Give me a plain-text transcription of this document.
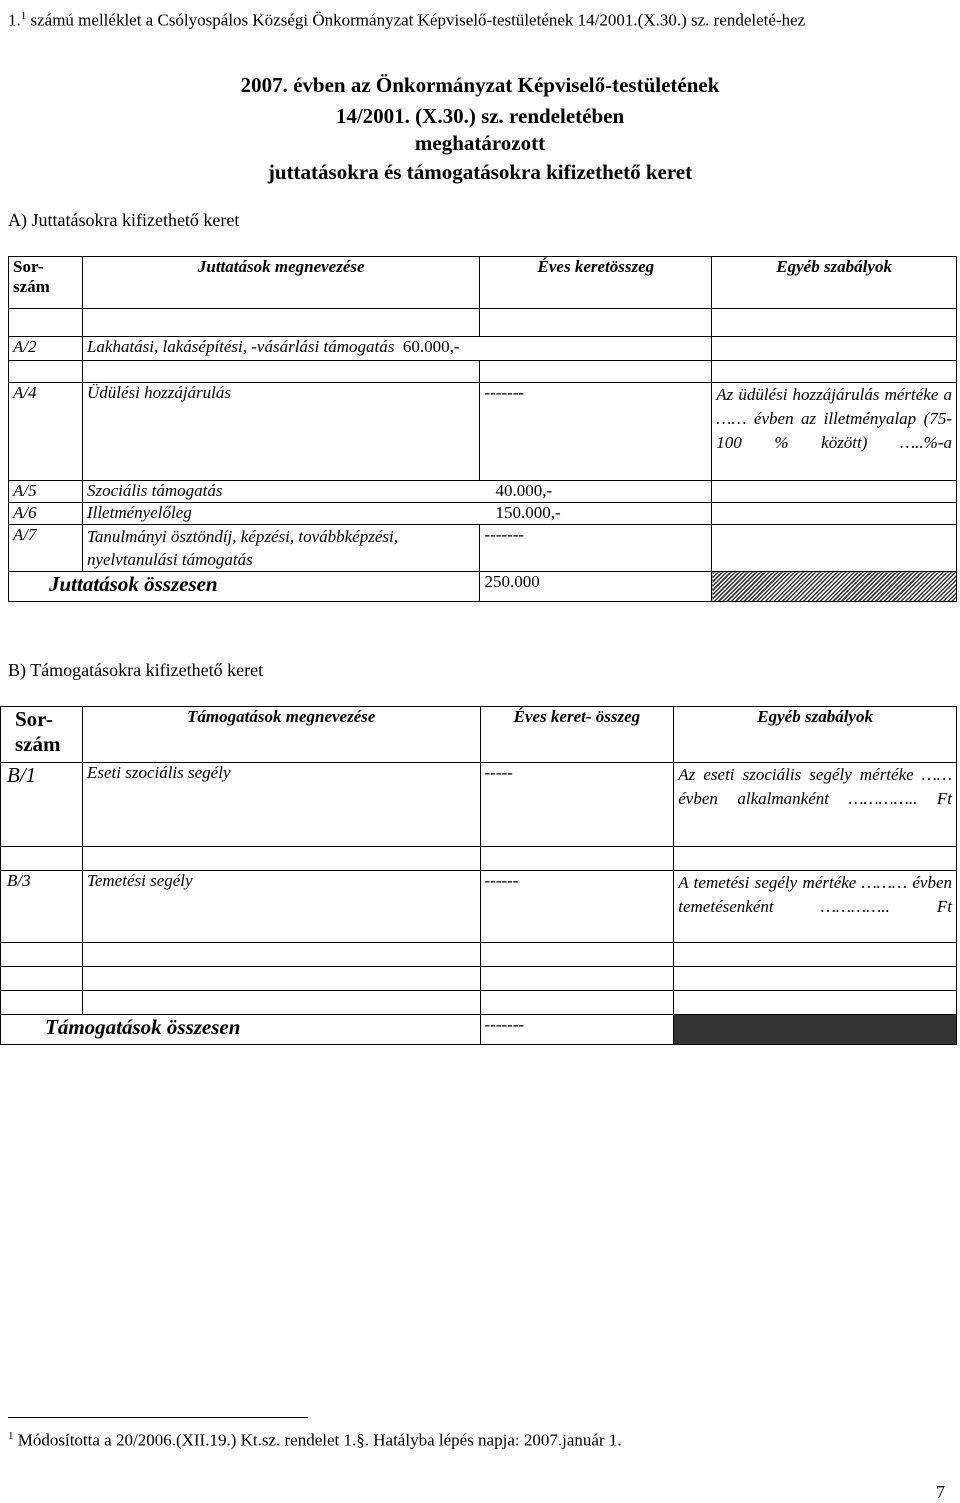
1.$^1$ számú melléklet a Csólyospálos Községi Önkormányzat Képviselő-testületének 14/2001.(X.30.) sz. rendeleté-hez
2007. évben az Önkormányzat Képviselő-testületének
14/2001. (X.30.) sz. rendeletében
meghatározott
juttatásokra és támogatásokra kifizethető keret
A) Juttatásokra kifizethető keret
Sor-szám	Juttatások megnevezése	Éves keretösszeg	Egyéb szabályok

A/2	Lakhatási, lakásépítési, -vásárlási támogatás 60.000,-		

A/4	Üdülési hozzájárulás	-------	Az üdülési hozzájárulás mértéke a …… évben az illetményalap (75-100 % között) …..%-a
A/5	Szociális támogatás 40.000,-		

A/6	Illetményelőleg 150.000,-		

A/7	Tanulmányi ösztöndíj, képzési, továbbképzési, nyelvtanulási támogatás	-------	
Juttatások összesen		250.000	
B) Támogatásokra kifizethető keret
Sor-szám	Támogatások megnevezése	Éves keret- összeg	Egyéb szabályok
B/1	Eseti szociális segély	-----	Az eseti szociális segély mértéke …… évben alkalmanként ………….. Ft

B/3	Temetési segély	------	A temetési segély mértéke ……… évben temetésenként ………….. Ft

Támogatások összesen		-------	
$^1$ Módosította a 20/2006.(XII.19.) Kt.sz. rendelet 1.§. Hatályba lépés napja: 2007.január 1.
7
